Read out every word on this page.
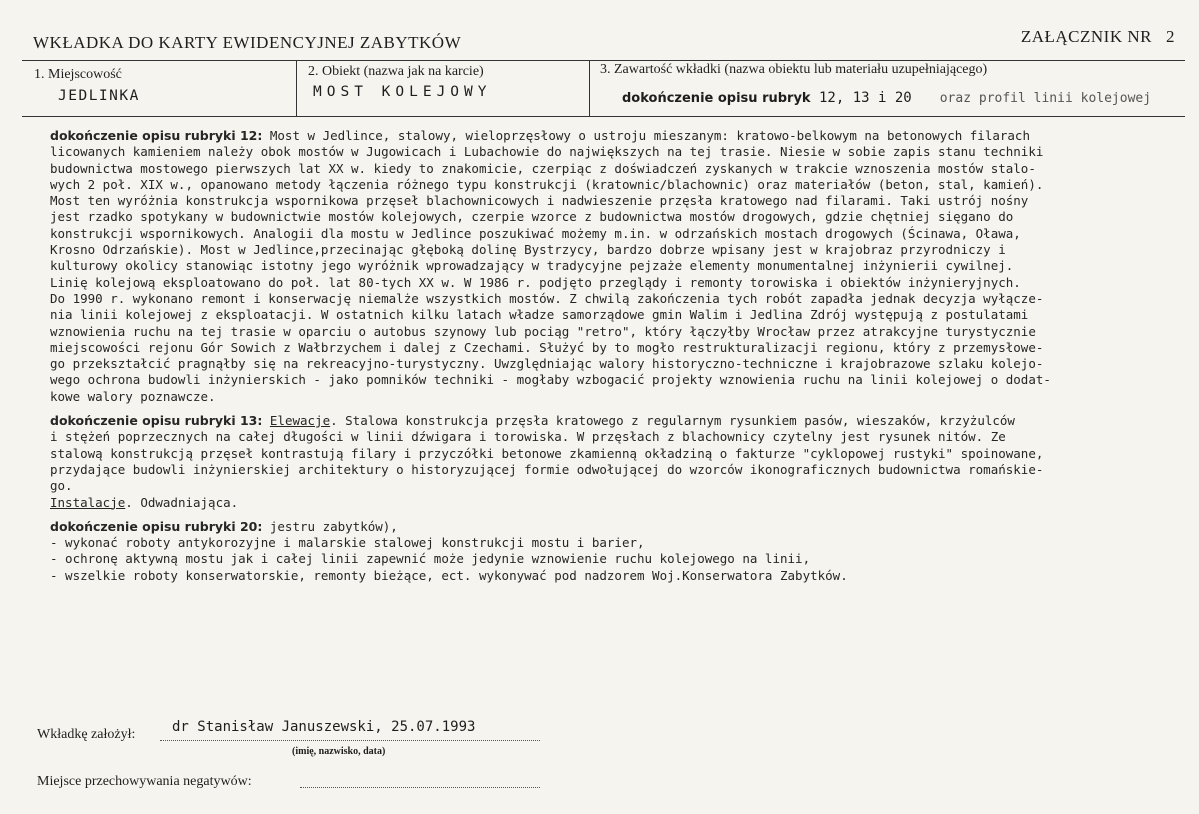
WKŁADKA DO KARTY EWIDENCYJNEJ ZABYTKÓW	ZAŁĄCZNIK NR 2
1. Miejscowość
JEDLINKA
2. Obiekt (nazwa jak na karcie)
MOST KOLEJOWY
3. Zawartość wkładki (nazwa obiektu lub materiału uzupełniającego)
dokończenie opisu rubryk 12, 13 i 20 oraz profil linii kolejowej

dokończenie opisu rubryki 12: Most w Jedlince, stalowy, wieloprzęsłowy o ustroju mieszanym: kratowo-belkowym na betonowych filarach

licowanych kamieniem należy obok mostów w Jugowicach i Lubachowie do największych na tej trasie. Niesie w sobie zapis stanu techniki

budownictwa mostowego pierwszych lat XX w. kiedy to znakomicie, czerpiąc z doświadczeń zyskanych w trakcie wznoszenia mostów stalo-

wych 2 poł. XIX w., opanowano metody łączenia różnego typu konstrukcji (kratownic/blachownic) oraz materiałów (beton, stal, kamień).

Most ten wyróżnia konstrukcja wspornikowa przęseł blachownicowych i nadwieszenie przęsła kratowego nad filarami. Taki ustrój nośny

jest rzadko spotykany w budownictwie mostów kolejowych, czerpie wzorce z budownictwa mostów drogowych, gdzie chętniej sięgano do

konstrukcji wspornikowych. Analogii dla mostu w Jedlince poszukiwać możemy m.in. w odrzańskich mostach drogowych (Ścinawa, Oława,

Krosno Odrzańskie). Most w Jedlince,przecinając głęboką dolinę Bystrzycy, bardzo dobrze wpisany jest w krajobraz przyrodniczy i

kulturowy okolicy stanowiąc istotny jego wyróżnik wprowadzający w tradycyjne pejzaże elementy monumentalnej inżynierii cywilnej.

Linię kolejową eksploatowano do poł. lat 80-tych XX w. W 1986 r. podjęto przeglądy i remonty torowiska i obiektów inżynieryjnych.

Do 1990 r. wykonano remont i konserwację niemalże wszystkich mostów. Z chwilą zakończenia tych robót zapadła jednak decyzja wyłącze-

nia linii kolejowej z eksploatacji. W ostatnich kilku latach władze samorządowe gmin Walim i Jedlina Zdrój występują z postulatami

wznowienia ruchu na tej trasie w oparciu o autobus szynowy lub pociąg "retro", który łączyłby Wrocław przez atrakcyjne turystycznie

miejscowości rejonu Gór Sowich z Wałbrzychem i dalej z Czechami. Służyć by to mogło restrukturalizacji regionu, który z przemysłowe-

go przekształcić pragnąłby się na rekreacyjno-turystyczny. Uwzględniając walory historyczno-techniczne i krajobrazowe szlaku kolejo-

wego ochrona budowli inżynierskich - jako pomników techniki - mogłaby wzbogacić projekty wznowienia ruchu na linii kolejowej o dodat-

kowe walory poznawcze.

dokończenie opisu rubryki 13: Elewacje. Stalowa konstrukcja przęsła kratowego z regularnym rysunkiem pasów, wieszaków, krzyżulców

i stężeń poprzecznych na całej długości w linii dźwigara i torowiska. W przęsłach z blachownicy czytelny jest rysunek nitów. Ze

stalową konstrukcją przęseł kontrastują filary i przyczółki betonowe zkamienną okładziną o fakturze "cyklopowej rustyki" spoinowane,

przydające budowli inżynierskiej architektury o historyzującej formie odwołującej do wzorców ikonograficznych budownictwa romańskie-

go.

Instalacje. Odwadniająca.

dokończenie opisu rubryki 20: jestru zabytków),

- wykonać roboty antykorozyjne i malarskie stalowej konstrukcji mostu i barier,

- ochronę aktywną mostu jak i całej linii zapewnić może jedynie wznowienie ruchu kolejowego na linii,

- wszelkie roboty konserwatorskie, remonty bieżące, ect. wykonywać pod nadzorem Woj.Konserwatora Zabytków.

Wkładkę założył:	dr Stanisław Januszewski, 25.07.1993
(imię, nazwisko, data)
Miejsce przechowywania negatywów:
